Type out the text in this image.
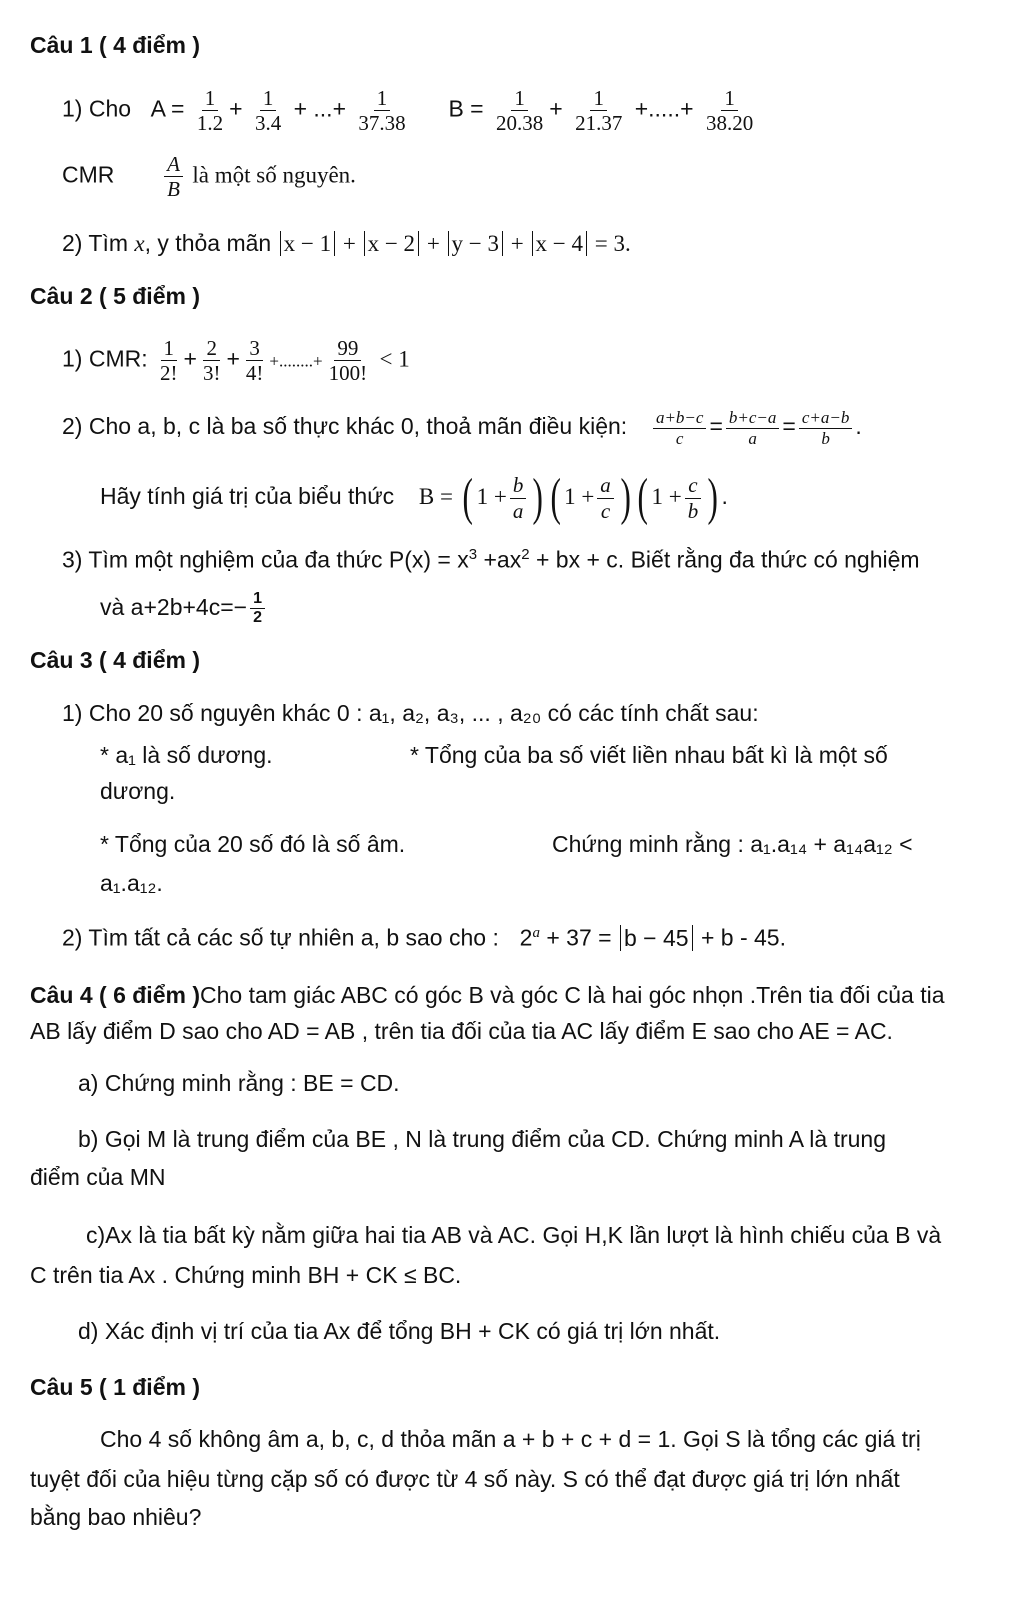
Câu 1 ( 4 điểm )
1) Cho $A = \frac{1}{1.2} + \frac{1}{3.4}$ + ...+ $\frac{1}{37.38}$ $B = \frac{1}{20.38} + \frac{1}{21.37}$ +.....+ $\frac{1}{38.20}$
CMR $\frac{A}{B}$ là một số nguyên.
2) Tìm x, y thỏa mãn x − 1 + x − 2 + y − 3 + x − 4 = 3.
Câu 2 ( 5 điểm )
1) CMR: $\frac{1}{2!} + \frac{2}{3!} + \frac{3}{4!}$ +........+ $\frac{99}{100!} < 1$
2) Cho a, b, c là ba số thực khác 0, thoả mãn điều kiện: $\frac{a+b-c}{c} = \frac{b+c-a}{a} = \frac{c+a-b}{b}$ .
Hãy tính giá trị của biểu thức B = ( $1 + \frac{b}{a}$ ) ( $1 + \frac{a}{c}$ ) ( $1 + \frac{c}{b}$ ) .
3) Tìm một nghiệm của đa thức $P(x) = x^3 +ax^2$ + bx + c. Biết rằng đa thức có nghiệm
và $a+2b+4c=- \frac{1}{2}$
Câu 3 ( 4 điểm )
1) Cho 20 số nguyên khác 0 : a₁, a₂, a₃, ... , a₂₀ có các tính chất sau:
* a₁ là số dương.	* Tổng của ba số viết liền nhau bất kì là một số
dương.
* Tổng của 20 số đó là số âm.	Chứng minh rằng : a₁.a₁₄ + a₁₄a₁₂ <
a₁.a₁₂.
2) Tìm tất cả các số tự nhiên a, b sao cho : $2^a + 37 = b - 45 + b - 45$.
Câu 4 ( 6 điểm )Cho tam giác ABC có góc B và góc C là hai góc nhọn .Trên tia đối của tia
AB lấy điểm D sao cho AD = AB , trên tia đối của tia AC lấy điểm E sao cho AE = AC.
a) Chứng minh rằng : BE = CD.
b) Gọi M là trung điểm của BE , N là trung điểm của CD. Chứng minh A là trung
điểm của MN
c)Ax là tia bất kỳ nằm giữa hai tia AB và AC. Gọi H,K lần lượt là hình chiếu của B và
C trên tia Ax . Chứng minh BH + CK ≤ BC.
d) Xác định vị trí của tia Ax để tổng BH + CK có giá trị lớn nhất.
Câu 5 ( 1 điểm )
Cho 4 số không âm a, b, c, d thỏa mãn a + b + c + d = 1. Gọi S là tổng các giá trị
tuyệt đối của hiệu từng cặp số có được từ 4 số này. S có thể đạt được giá trị lớn nhất
bằng bao nhiêu?
